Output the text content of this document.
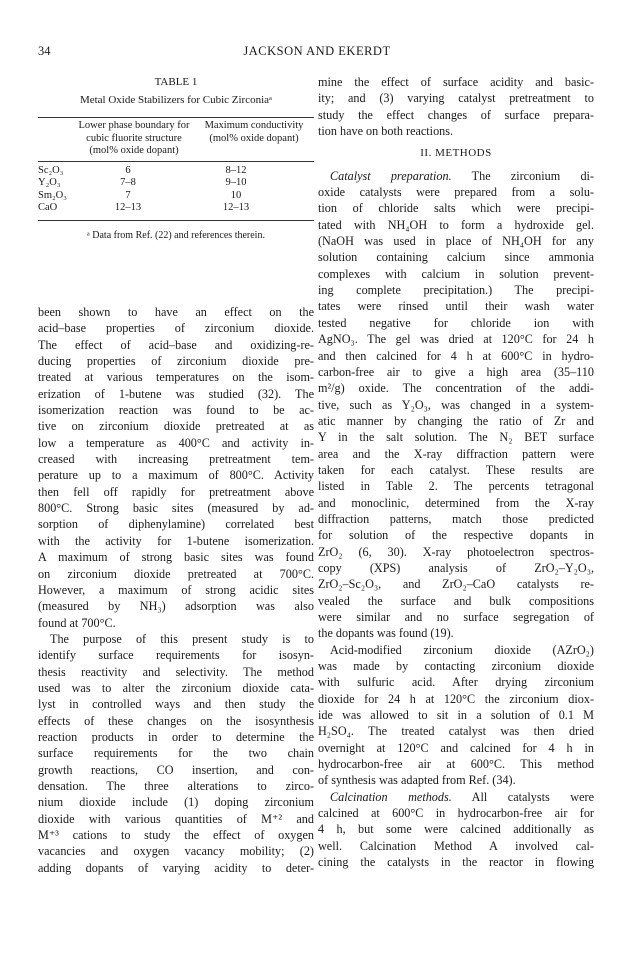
34	JACKSON AND EKERDT
TABLE 1
Metal Oxide Stabilizers for Cubic Zirconiaᵃ
Lower phase boundary for cubic fluorite structure (mol% oxide dopant)
Maximum conductivity (mol% oxide dopant)
Sc₂O₃	6	8–12
Y₂O₃	7–8	9–10
Sm₂O₃	7	10
CaO	12–13	12–13
ᵃ Data from Ref. (22) and references therein.

been shown to have an effect on the

acid–base properties of zirconium dioxide.

The effect of acid–base and oxidizing-re-

ducing properties of zirconium dioxide pre-

treated at various temperatures on the isom-

erization of 1-butene was studied (32). The

isomerization reaction was found to be ac-

tive on zirconium dioxide pretreated at as

low a temperature as 400°C and activity in-

creased with increasing pretreatment tem-

perature up to a maximum of 800°C. Activity

then fell off rapidly for pretreatment above

800°C. Strong basic sites (measured by ad-

sorption of diphenylamine) correlated best

with the activity for 1-butene isomerization.

A maximum of strong basic sites was found

on zirconium dioxide pretreated at 700°C.

However, a maximum of strong acidic sites

(measured by NH₃) adsorption was also

found at 700°C.

The purpose of this present study is to

identify surface requirements for isosyn-

thesis reactivity and selectivity. The method

used was to alter the zirconium dioxide cata-

lyst in controlled ways and then study the

effects of these changes on the isosynthesis

reaction products in order to determine the

surface requirements for the two chain

growth reactions, CO insertion, and con-

densation. The three alterations to zirco-

nium dioxide include (1) doping zirconium

dioxide with various quantities of M⁺² and

M⁺³ cations to study the effect of oxygen

vacancies and oxygen vacancy mobility; (2)

adding dopants of varying acidity to deter-

mine the effect of surface acidity and basic-

ity; and (3) varying catalyst pretreatment to

study the effect changes of surface prepara-

tion have on both reactions.

II. METHODS

Catalyst preparation. The zirconium di-

oxide catalysts were prepared from a solu-

tion of chloride salts which were precipi-

tated with NH₄OH to form a hydroxide gel.

(NaOH was used in place of NH₄OH for any

solution containing calcium since ammonia

complexes with calcium in solution prevent-

ing complete precipitation.) The precipi-

tates were rinsed until their wash water

tested negative for chloride ion with

AgNO₃. The gel was dried at 120°C for 24 h

and then calcined for 4 h at 600°C in hydro-

carbon-free air to give a high area (35–110

m²/g) oxide. The concentration of the addi-

tive, such as Y₂O₃, was changed in a system-

atic manner by changing the ratio of Zr and

Y in the salt solution. The N₂ BET surface

area and the X-ray diffraction pattern were

taken for each catalyst. These results are

listed in Table 2. The percents tetragonal

and monoclinic, determined from the X-ray

diffraction patterns, match those predicted

for solution of the respective dopants in

ZrO₂ (6, 30). X-ray photoelectron spectros-

copy (XPS) analysis of ZrO₂–Y₂O₃,

ZrO₂–Sc₂O₃, and ZrO₂–CaO catalysts re-

vealed the surface and bulk compositions

were similar and no surface segregation of

the dopants was found (19).

Acid-modified zirconium dioxide (AZrO₂)

was made by contacting zirconium dioxide

with sulfuric acid. After drying zirconium

dioxide for 24 h at 120°C the zirconium diox-

ide was allowed to sit in a solution of 0.1 M

H₂SO₄. The treated catalyst was then dried

overnight at 120°C and calcined for 4 h in

hydrocarbon-free air at 600°C. This method

of synthesis was adapted from Ref. (34).

Calcination methods. All catalysts were

calcined at 600°C in hydrocarbon-free air for

4 h, but some were calcined additionally as

well. Calcination Method A involved cal-

cining the catalysts in the reactor in flowing
